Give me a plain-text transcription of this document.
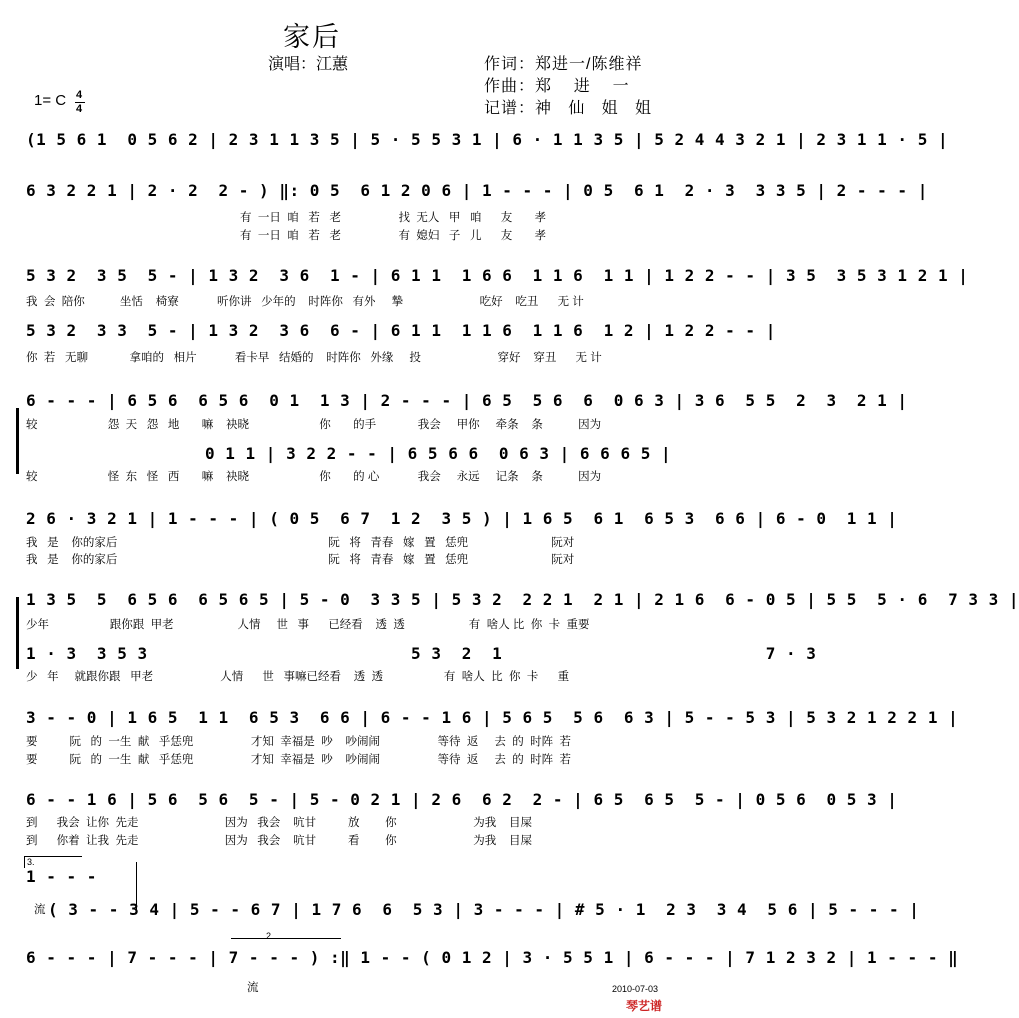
家后
演唱：江蕙	作词：郑进一/陈维祥
作曲：郑    进    一
记谱：神   仙   姐   姐
1= C 4
4
(1 5 6 1  0 5 6 2 | 2 3 1 1 3 5 | 5 · 5 5 3 1 | 6 · 1 1 3 5 | 5 2 4 4 3 2 1 | 2 3 1 1 · 5 |
6 3 2 2 1 | 2 · 2  2 - ) ‖: 0 5  6 1 2 0 6 | 1 - - - | 0 5  6 1  2 · 3  3 3 5 | 2 - - - |
有  一日  咱   若   老                  找  无人   甲   咱      友       孝
有  一日  咱   若   老                  有  媳妇   子   儿      友       孝
5 3 2  3 5  5 - | 1 3 2  3 6  1 - | 6 1 1  1 6 6  1 1 6  1 1 | 1 2 2 - - | 3 5  3 5 3 1 2 1 |
我  会  陪你           坐恬    椅寮            听你讲   少年的    时阵你   有外     摯                        吃好    吃丑      无 计
5 3 2  3 3  5 - | 1 3 2  3 6  6 - | 6 1 1  1 1 6  1 1 6  1 2 | 1 2 2 - - |
你  若   无聊             拿咱的   相片            看卡早   结婚的    时阵你   外缘     投                        穿好    穿丑      无 计
6 - - - | 6 5 6  6 5 6  0 1  1 3 | 2 - - - | 6 5  5 6  6  0 6 3 | 3 6  5 5  2  3  2 1 |
较                      怨  天   怨   地       嘛    袂晓                      你       的手             我会     甲你     牵条    条           因为
0 1 1 | 3 2 2 - - | 6 5 6 6  0 6 3 | 6 6 6 5 |
较                      怪  东   怪   西       嘛    袂晓                      你       的 心            我会     永远     记条    条           因为
2 6 · 3 2 1 | 1 - - - | ( 0 5  6 7  1 2  3 5 ) | 1 6 5  6 1  6 5 3  6 6 | 6 - 0  1 1 |
我   是    你的家后                                                                  阮   将   青春   嫁   置   恁兜                          阮对
我   是    你的家后                                                                  阮   将   青春   嫁   置   恁兜                          阮对
1 3 5  5  6 5 6  6 5 6 5 | 5 - 0  3 3 5 | 5 3 2  2 2 1  2 1 | 2 1 6  6 - 0 5 | 5 5  5 · 6  7 3 3 |
少年                   跟你跟  甲老                    人情     世   事      已经看    透  透                    有  啥人 比  你  卡  重要
1 · 3  3 5 3                          5 3  2  1                          7 · 3
少   年     就跟你跟   甲老                     人情      世   事嘛已经看    透  透                   有  啥人  比  你  卡      重
3 - - 0 | 1 6 5  1 1  6 5 3  6 6 | 6 - - 1 6 | 5 6 5  5 6  6 3 | 5 - - 5 3 | 5 3 2 1 2 2 1 |
要          阮   的  一生  献   乎恁兜                  才知  幸福是  吵    吵闹闹                  等待  返     去  的  时阵  若
要          阮   的  一生  献   乎恁兜                  才知  幸福是  吵    吵闹闹                  等待  返     去  的  时阵  若
6 - - 1 6 | 5 6  5 6  5 - | 5 - 0 2 1 | 2 6  6 2  2 - | 6 5  6 5  5 - | 0 5 6  0 5 3 |
到      我会  让你  先走                           因为   我会    吭甘          放        你                        为我    目屎
到      你着  让我  先走                           因为   我会    吭甘          看        你                        为我    目屎
3.
1 - - -
流 ( 3 - - 3 4 | 5 - - 6 7 | 1 7 6  6  5 3 | 3 - - - | # 5 · 1  2 3  3 4  5 6 | 5 - - - |
2.
6 - - - | 7 - - - | 7 - - - ) :‖ 1 - - ( 0 1 2 | 3 · 5 5 1 | 6 - - - | 7 1 2 3 2 | 1 - - - ‖
流	2010-07-03
琴艺谱
